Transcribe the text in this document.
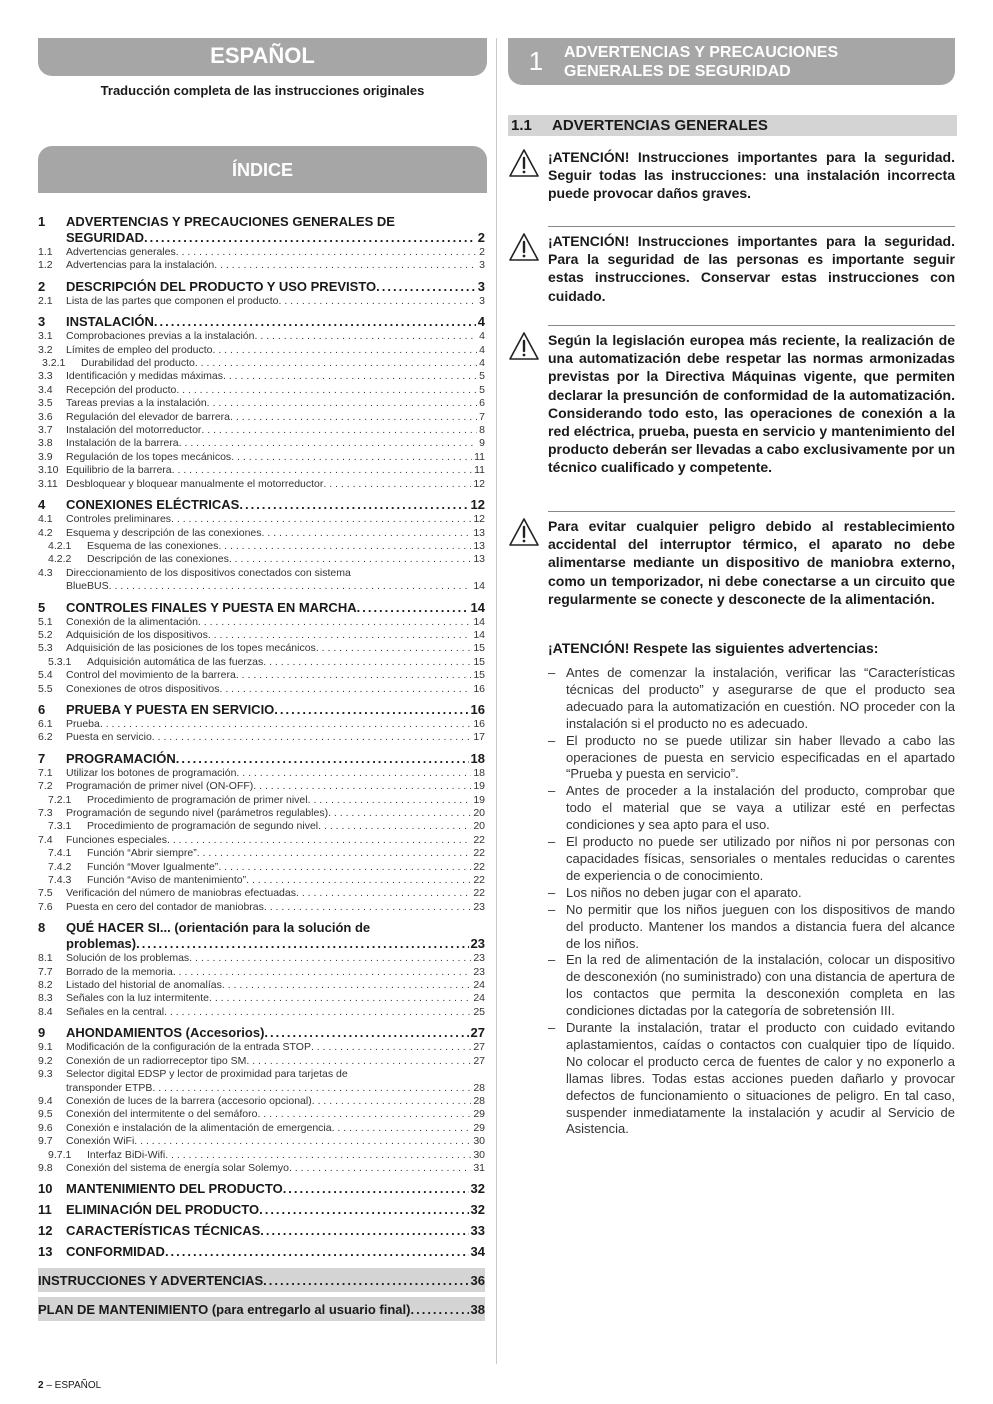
ESPAÑOL
Traducción completa de las instrucciones originales
ÍNDICE
1	ADVERTENCIAS Y PRECAUCIONES GENERALES DE
SEGURIDAD .....	2
1.1	Advertencias generales . . .	2
1.2	Advertencias para la instalación . . .	3
2	DESCRIPCIÓN DEL PRODUCTO Y USO PREVISTO .....	3
2.1	Lista de las partes que componen el producto . . .	3
3	INSTALACIÓN .....	4
3.1	Comprobaciones previas a la instalación . . .	4
3.2	Límites de empleo del producto . . .	4
3.2.1	Durabilidad del producto . . .	4
3.3	Identificación y medidas máximas . . .	5
3.4	Recepción del producto . . .	5
3.5	Tareas previas a la instalación . . .	6
3.6	Regulación del elevador de barrera . . .	7
3.7	Instalación del motorreductor . . .	8
3.8	Instalación de la barrera . . .	9
3.9	Regulación de los topes mecánicos . . .	11
3.10 Equilibrio de la barrera . . .	11
3.11 Desbloquear y bloquear manualmente el motorreductor . . .	12
4	CONEXIONES ELÉCTRICAS .....	12
4.1	Controles preliminares . . .	12
4.2	Esquema y descripción de las conexiones . . .	13
4.2.1	Esquema de las conexiones . . .	13
4.2.2	Descripción de las conexiones . . .	13
4.3	Direccionamiento de los dispositivos conectados con sistema
BlueBUS . . .	14
5	CONTROLES FINALES Y PUESTA EN MARCHA .....	14
5.1	Conexión de la alimentación . . .	14
5.2	Adquisición de los dispositivos . . .	14
5.3	Adquisición de las posiciones de los topes mecánicos . . .	15
5.3.1	Adquisición automática de las fuerzas . . .	15
5.4	Control del movimiento de la barrera . . .	15
5.5	Conexiones de otros dispositivos . . .	16
6	PRUEBA Y PUESTA EN SERVICIO .....	16
6.1	Prueba . . .	16
6.2	Puesta en servicio . . .	17
7	PROGRAMACIÓN .....	18
7.1	Utilizar los botones de programación . . .	18
7.2	Programación de primer nivel (ON-OFF) . . .	19
7.2.1	Procedimiento de programación de primer nivel . . .	19
7.3	Programación de segundo nivel (parámetros regulables) . . .	20
7.3.1	Procedimiento de programación de segundo nivel . . .	20
7.4	Funciones especiales . . .	22
7.4.1	Función “Abrir siempre” . . .	22
7.4.2	Función “Mover Igualmente” . . .	22
7.4.3	Función “Aviso de mantenimiento” . . .	22
7.5	Verificación del número de maniobras efectuadas . . .	22
7.6	Puesta en cero del contador de maniobras . . .	23
8	QUÉ HACER SI... (orientación para la solución de
problemas) .....	23
8.1	Solución de los problemas . . .	23
7.7	Borrado de la memoria . . .	23
8.2	Listado del historial de anomalías . . .	24
8.3	Señales con la luz intermitente . . .	24
8.4	Señales en la central . . .	25
9	AHONDAMIENTOS (Accesorios) .....	27
9.1	Modificación de la configuración de la entrada STOP . . .	27
9.2	Conexión de un radiorreceptor tipo SM . . .	27
9.3	Selector digital EDSP y lector de proximidad para tarjetas de
transponder ETPB . . .	28
9.4	Conexión de luces de la barrera (accesorio opcional) . . .	28
9.5	Conexión del intermitente o del semáforo . . .	29
9.6	Conexión e instalación de la alimentación de emergencia . . .	29
9.7	Conexión WiFi . . .	30
9.7.1	Interfaz BiDi-Wifi . . .	30
9.8	Conexión del sistema de energía solar Solemyo . . .	31
10	MANTENIMIENTO DEL PRODUCTO .....	32
11	ELIMINACIÓN DEL PRODUCTO .....	32
12	CARACTERÍSTICAS TÉCNICAS .....	33
13	CONFORMIDAD .....	34
INSTRUCCIONES Y ADVERTENCIAS .....	36
PLAN DE MANTENIMIENTO (para entregarlo al usuario final) .....	38
1	ADVERTENCIAS Y PRECAUCIONES
GENERALES DE SEGURIDAD
1.1	ADVERTENCIAS GENERALES
¡ATENCIÓN! Instrucciones importantes para la seguridad. Seguir todas las instrucciones: una instalación incorrecta puede provocar daños graves.
¡ATENCIÓN! Instrucciones importantes para la seguridad. Para la seguridad de las personas es importante seguir estas instrucciones. Conservar estas instrucciones con cuidado.
Según la legislación europea más reciente, la realización de una automatización debe respetar las normas armonizadas previstas por la Directiva Máquinas vigente, que permiten declarar la presunción de conformidad de la automatización. Considerando todo esto, las operaciones de conexión a la red eléctrica, prueba, puesta en servicio y mantenimiento del producto deberán ser llevadas a cabo exclusivamente por un técnico cualificado y competente.
Para evitar cualquier peligro debido al restablecimiento accidental del interruptor térmico, el aparato no debe alimentarse mediante un dispositivo de maniobra externo, como un temporizador, ni debe conectarse a un circuito que regularmente se conecte y desconecte de la alimentación.
¡ATENCIÓN! Respete las siguientes advertencias:
– Antes de comenzar la instalación, verificar las “Características técnicas del producto” y asegurarse de que el producto sea adecuado para la automatización en cuestión. NO proceder con la instalación si el producto no es adecuado.
– El producto no se puede utilizar sin haber llevado a cabo las operaciones de puesta en servicio especificadas en el apartado “Prueba y puesta en servicio”.
– Antes de proceder a la instalación del producto, comprobar que todo el material que se vaya a utilizar esté en perfectas condiciones y sea apto para el uso.
– El producto no puede ser utilizado por niños ni por personas con capacidades físicas, sensoriales o mentales reducidas o carentes de experiencia o de conocimiento.
– Los niños no deben jugar con el aparato.
– No permitir que los niños jueguen con los dispositivos de mando del producto. Mantener los mandos a distancia fuera del alcance de los niños.
– En la red de alimentación de la instalación, colocar un dispositivo de desconexión (no suministrado) con una distancia de apertura de los contactos que permita la desconexión completa en las condiciones dictadas por la categoría de sobretensión III.
– Durante la instalación, tratar el producto con cuidado evitando aplastamientos, caídas o contactos con cualquier tipo de líquido. No colocar el producto cerca de fuentes de calor y no exponerlo a llamas libres. Todas estas acciones pueden dañarlo y provocar defectos de funcionamiento o situaciones de peligro. En tal caso, suspender inmediatamente la instalación y acudir al Servicio de Asistencia.
2 – ESPAÑOL
